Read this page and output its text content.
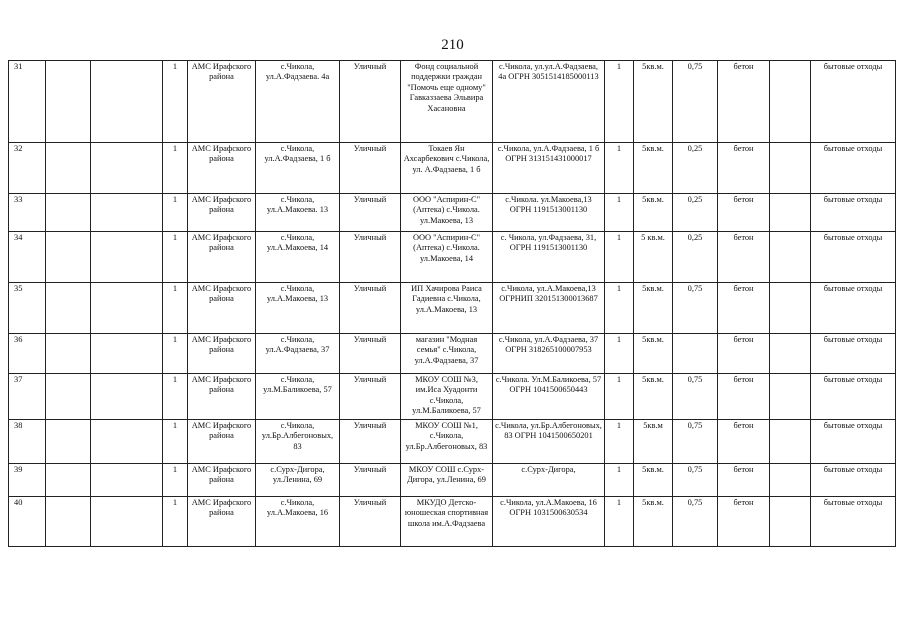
210
31			1	АМС Ирафского района	с.Чикола, ул.А.Фадзаева. 4а	Уличный	Фонд социальной поддержки граждан "Помочь еще одному" Гавказзаева Эльвира Хасановна	с.Чикола, ул.ул.А.Фадзаева, 4а ОГРН 3051514185000113	1	5кв.м.	0,75	бетон		бытовые отходы
32			1	АМС Ирафского района	с.Чикола, ул.А.Фадзаева, 1 б	Уличный	Токаев Ян Ахсарбекович с.Чикола, ул. А.Фадзаева, 1 б	с.Чикола, ул.А.Фадзаева, 1 б ОГРН 313151431000017	1	5кв.м.	0,25	бетон		бытовые отходы
33			1	АМС Ирафского района	с.Чикола, ул.А.Макоева. 13	Уличный	ООО "Аспирин-С" (Аптека) с.Чикола. ул.Макоева, 13	с.Чикола. ул.Макоева,13 ОГРН 1191513001130	1	5кв.м.	0,25	бетон		бытовые отходы
34			1	АМС Ирафского района	с.Чикола, ул.А.Макоева, 14	Уличный	ООО "Аспирин-С" (Аптека) с.Чикола. ул.Макоева, 14	с. Чикола, ул.Фадзаева, 31, ОГРН 1191513001130	1	5 кв.м.	0,25	бетон		бытовые отходы
35			1	АМС Ирафского района	с.Чикола, ул.А.Макоева, 13	Уличный	ИП Хачирова Раиса Гадиевна с.Чикола, ул.А.Макоева, 13	с.Чикола, ул.А.Макоева,13 ОГРНИП 320151300013687	1	5кв.м.	0,75	бетон		бытовые отходы
36			1	АМС Ирафского района	с.Чикола, ул.А.Фадзаева, 37	Уличный	магазин "Модная семья" с.Чикола, ул.А.Фадзаева, 37	с.Чикола, ул.А.Фадзаева, 37 ОГРН 318265100007953	1	5кв.м.		бетон		бытовые отходы
37			1	АМС Ирафского района	с.Чикола, ул.М.Баликоева, 57	Уличный	МКОУ СОШ №3, им.Иса Хуадонти с.Чикола, ул.М.Баликоева, 57	с.Чикола. Ул.М.Баликоева, 57 ОГРН 1041500650443	1	5кв.м.	0,75	бетон		бытовые отходы
38			1	АМС Ирафского района	с.Чикола, ул.Бр.Албегоновых, 83	Уличный	МКОУ СОШ №1, с.Чикола, ул.Бр.Албегоновых, 83	с.Чикола, ул.Бр.Албегоновых, 83 ОГРН 1041500650201	1	5кв.м	0,75	бетон		бытовые отходы
39			1	АМС Ирафского района	с.Сурх-Дигора, ул.Ленина, 69	Уличный	МКОУ СОШ с.Сурх-Дигора, ул.Ленина, 69	с.Сурх-Дигора,	1	5кв.м.	0,75	бетон		бытовые отходы
40			1	АМС Ирафского района	с.Чикола, ул.А.Макоева, 16	Уличный	МКУДО Детско-юношеская спортивная школа им.А.Фадзаева	с.Чикола, ул.А.Макоева, 16 ОГРН 1031500630534	1	5кв.м.	0,75	бетон		бытовые отходы
